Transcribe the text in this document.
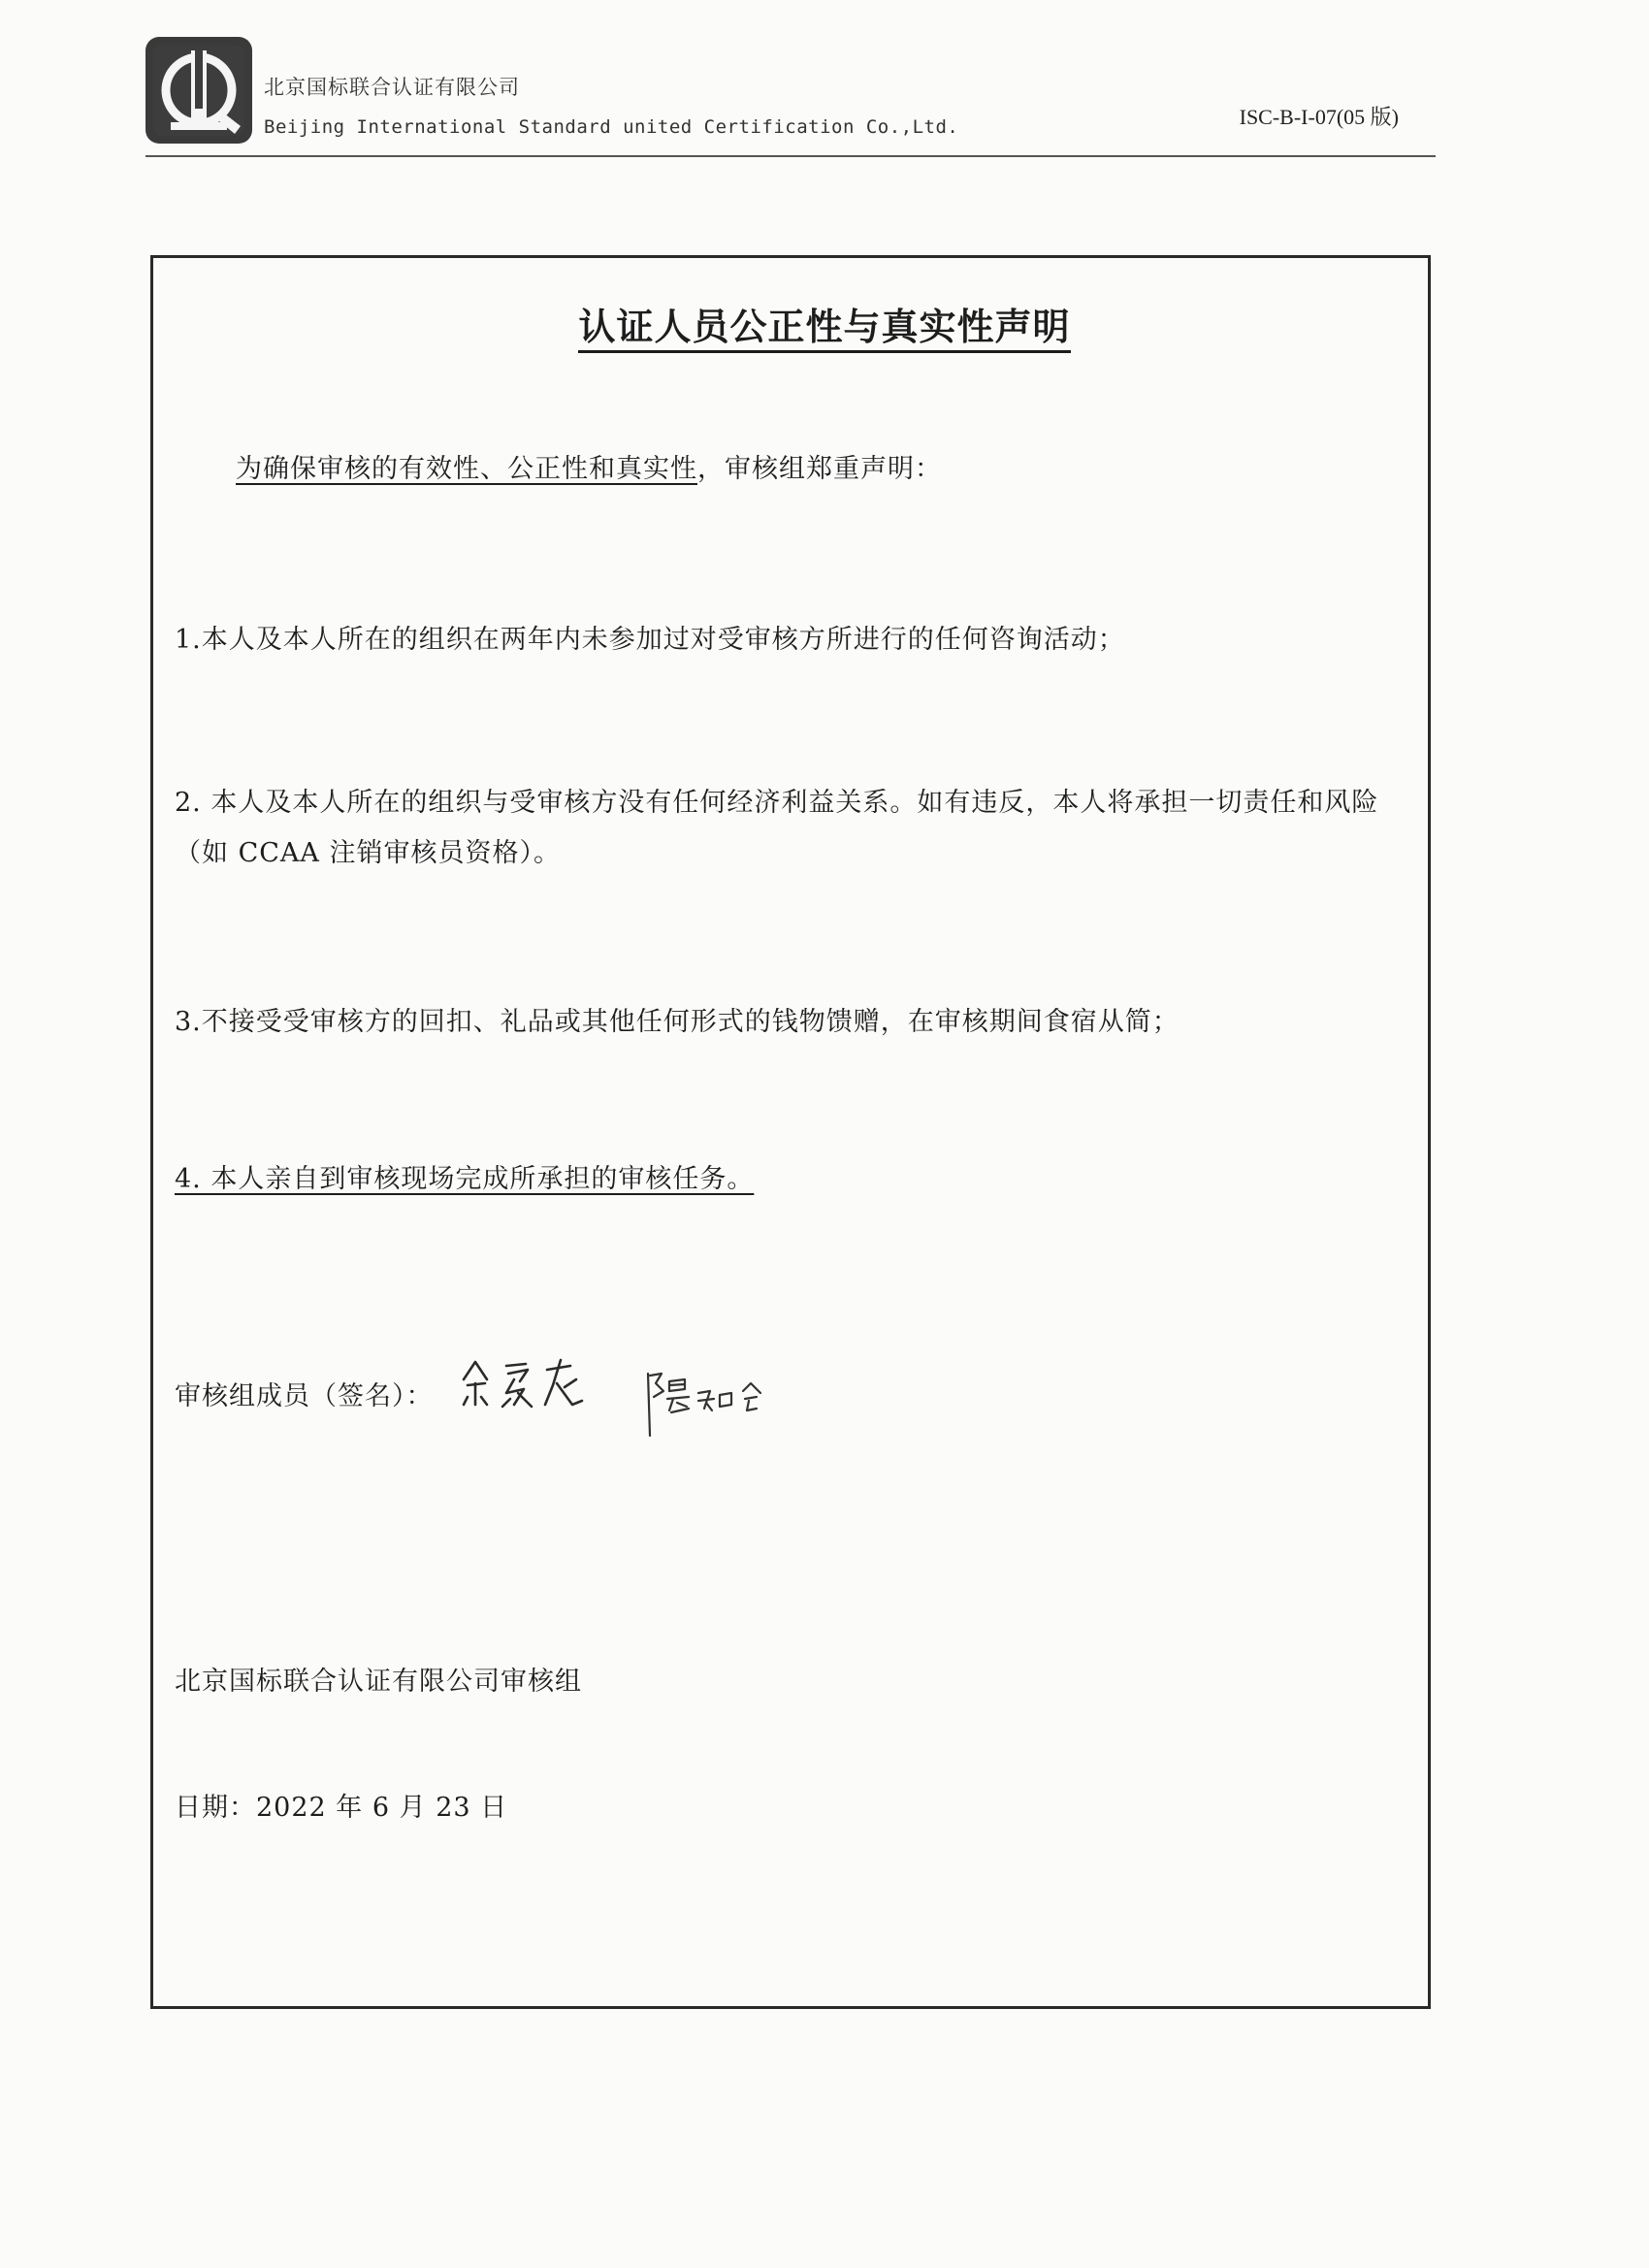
北京国标联合认证有限公司
Beijing International Standard united Certification Co.,Ltd.	ISC-B-I-07(05 版)
认证人员公正性与真实性声明
为确保审核的有效性、公正性和真实性，审核组郑重声明：
1.本人及本人所在的组织在两年内未参加过对受审核方所进行的任何咨询活动；
2. 本人及本人所在的组织与受审核方没有任何经济利益关系。如有违反，本人将承担一切责任和风险（如 CCAA 注销审核员资格）。
3.不接受受审核方的回扣、礼品或其他任何形式的钱物馈赠，在审核期间食宿从简；
4. 本人亲自到审核现场完成所承担的审核任务。
审核组成员（签名）：
北京国标联合认证有限公司审核组
日期：2022 年 6 月 23 日
